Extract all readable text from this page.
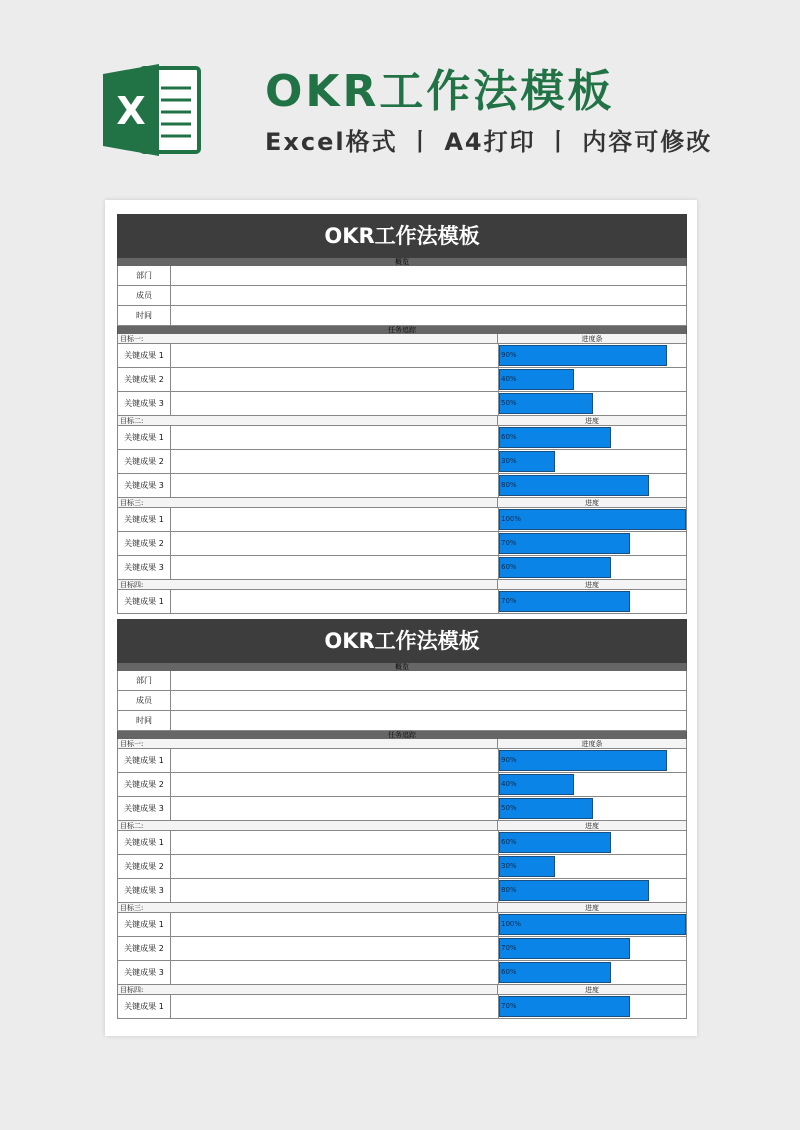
X	OKR工作法模板
Excel格式 丨 A4打印 丨 内容可修改
OKR工作法模板
概览
部门
成员
时间
任务追踪
目标一:	进度条
关键成果 1	90%
关键成果 2	40%
关键成果 3	50%
目标二:	进度
关键成果 1	60%
关键成果 2	30%
关键成果 3	80%
目标三:	进度
关键成果 1	100%
关键成果 2	70%
关键成果 3	60%
目标四:	进度
关键成果 1	70%
OKR工作法模板
概览
部门
成员
时间
任务追踪
目标一:	进度条
关键成果 1	90%
关键成果 2	40%
关键成果 3	50%
目标二:	进度
关键成果 1	60%
关键成果 2	30%
关键成果 3	80%
目标三:	进度
关键成果 1	100%
关键成果 2	70%
关键成果 3	60%
目标四:	进度
关键成果 1	70%
